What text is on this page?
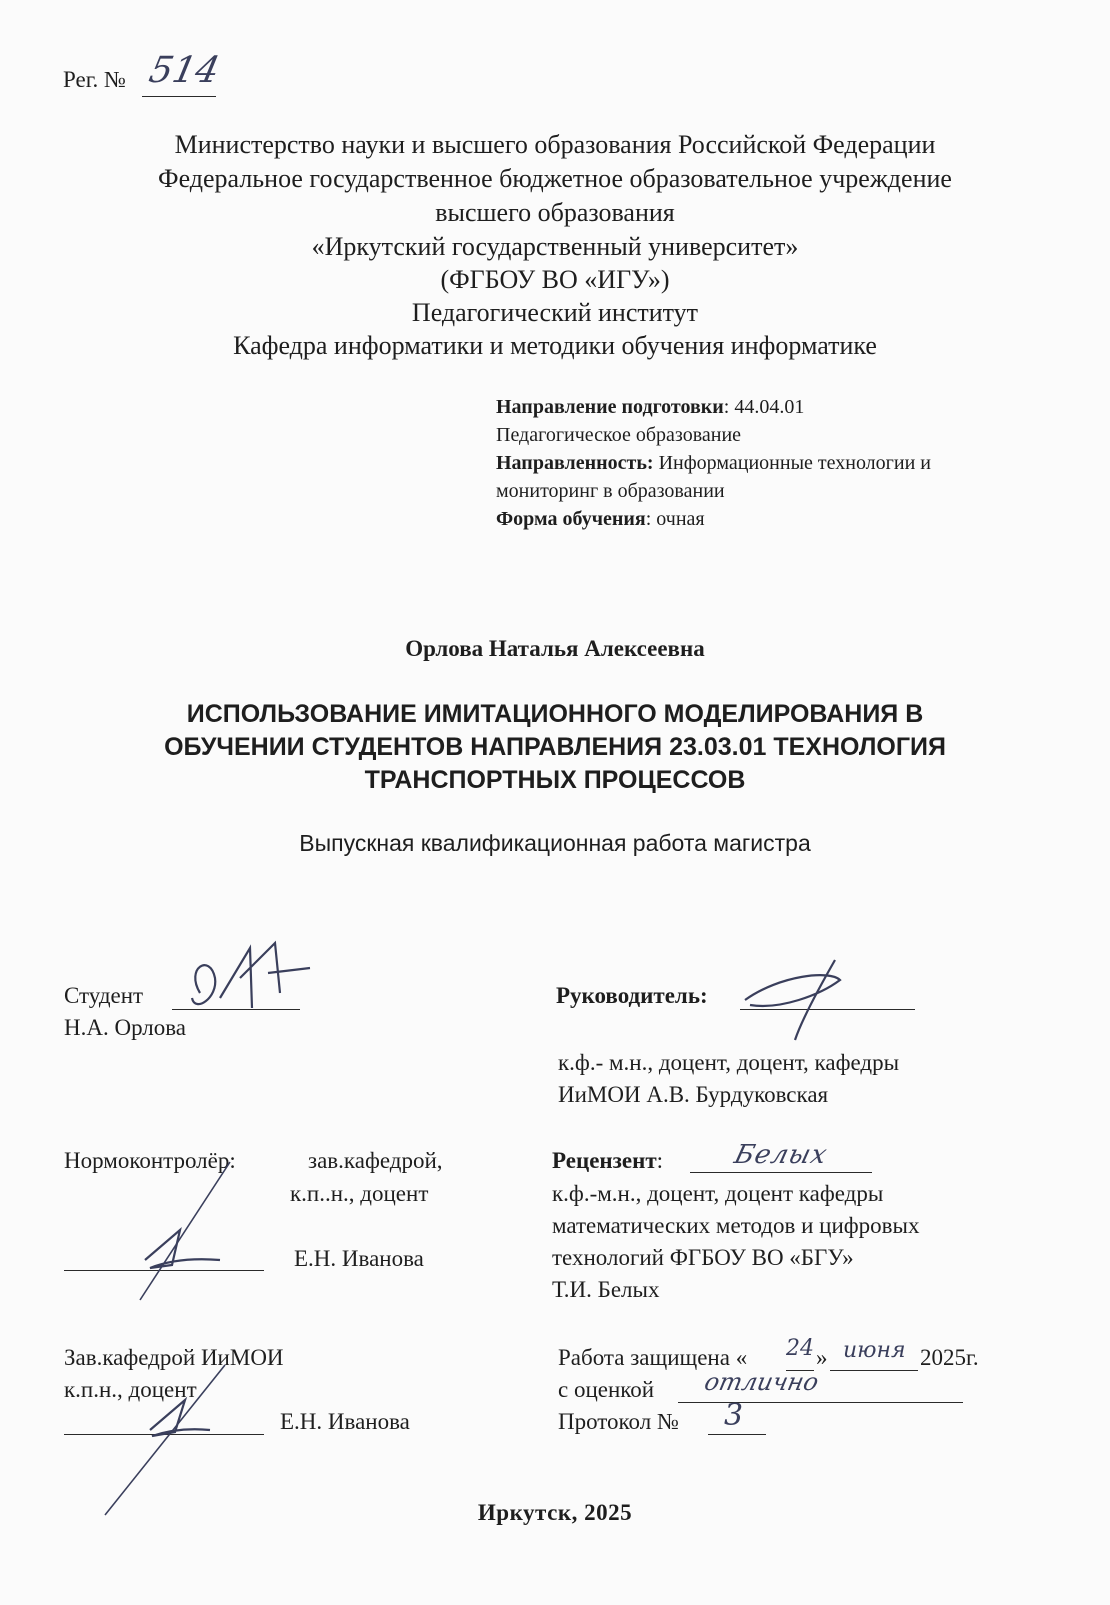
Рег. № 514
Министерство науки и высшего образования Российской Федерации
Федеральное государственное бюджетное образовательное учреждение
высшего образования
«Иркутский государственный университет»
(ФГБОУ ВО «ИГУ»)
Педагогический институт
Кафедра информатики и методики обучения информатике
Направление подготовки: 44.04.01
Педагогическое образование
Направленность: Информационные технологии и
мониторинг в образовании
Форма обучения: очная
Орлова Наталья Алексеевна
ИСПОЛЬЗОВАНИЕ ИМИТАЦИОННОГО МОДЕЛИРОВАНИЯ В
ОБУЧЕНИИ СТУДЕНТОВ НАПРАВЛЕНИЯ 23.03.01 ТЕХНОЛОГИЯ
ТРАНСПОРТНЫХ ПРОЦЕССОВ
Выпускная квалификационная работа магистра
Студент
Н.А. Орлова
Руководитель:
к.ф.- м.н., доцент, доцент, кафедры
ИиМОИ А.В. Бурдуковская
Нормоконтролёр:	зав.кафедрой,
к.п..н., доцент
Е.Н. Иванова
Рецензент:	Белых
к.ф.-м.н., доцент, доцент кафедры
математических методов и цифровых
технологий ФГБОУ ВО «БГУ»
Т.И. Белых
Зав.кафедрой ИиМОИ
к.п.н., доцент
Е.Н. Иванова
Работа защищена « 24 » июня 2025г.
с оценкой отлично
Протокол № 3
Иркутск, 2025
